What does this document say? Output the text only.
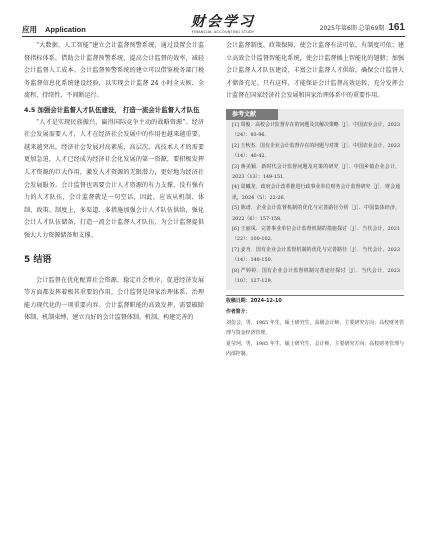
应用 Application	财会学习
FINANCIAL ACCOUNTING STUDY	2025年第6期 总第69期 161

“大数据、人工智能”建立会计监督预警系统，通过设置会计监督指标体系，借助会计监督预警系统，提高会计监督的效率，减轻会计监督人工成本。会计监督预警系统的建立可以借鉴税务部门税务监督信息化系统建设经验，以实现会计监督 24 小时全天候、全流程、持续性、不间断运行。

4.5 加强会计监督人才队伍建设， 打造一流会计监督人才队伍

“人才是实现民族振兴、赢得国际竞争主动的战略资源”。经济社会发展需要人才，人才在经济社会发展中的作用也越来越重要，越来越突出，经济社会发展对高素质、高层次、高技术人才的需要更加急迫，人才已经成为经济社会化发展的第一资源，要积极发挥人才资源的巨大作用，激发人才资源的无限潜力，更好地为经济社会发展服务。会计监督也需要会计人才资源的有力支撑，没有强有力的人才队伍，会计监督就是一句空话，因此，应该从机制、体制、政策、制度上，多渠道、多措施加强会计人才队伍供给，强化会计人才队伍储备，打造一流会计监督人才队伍，为会计监督提供强大人力资源储备和支撑。

5 结语

会计监督在优化配置社会资源，稳定社会秩序，促进经济发展等方面都发挥着极其重要的作用，会计监督是国家治理体系、治理能力现代化的一项重要内容。会计监督职能的高效发挥，需要破除体制、机制束缚，建立良好的会计监督体制、机制，构建完善的

会计监督制度、政策保障，使会计监督有法可依，有制度可依；建立高效会计监督智能化系统，使会计监督插上智能化的翅膀；加强会计监督人才队伍建设，丰富会计监督人才供给，确保会计监督人才储备充足。只有这样，才能保证会计监督高效运转，充分发挥会计监督在国家经济社会发展和国家治理体系中的重要作用。

参考文献
[1] 周俊．高校会计监督存在的问题及其解决策略［J］．中国农业会计，2023（24）：93-96．
[2] 王秋杰．国有企业会计监督存在的问题与对策［J］．中国农业会计，2023（14）：40-42．
[3] 蒋美颖．新时代会计监督问题及对策的研究［J］．中国乡镇企业会计，2023（13）：149-151．
[4] 周曦龙．政府会计改革推进行政事业单位财务会计监督研究［J］．财会通讯，2024（5）：22-26．
[5] 陈谱．企业会计监督机制的优化与完善路径分析［J］．中国集体经济，2022（6）：157-158．
[6] 王丽凤．完善事业单位会计监督机制的措施探讨［J］．当代会计，2021（22）：100-102．
[7] 姜舟．国有企业会计监督机制的优化与完善路径［J］．当代会计，2023（14）：148-150．
[8] 严婷婷．国有企业会计监督机制完善途径探讨［J］．当代会计，2023（10）：127-129．
收稿日期：2024-12-10
作者简介：
刘仿会，男，1965 年生，硕士研究生，高级会计师，主要研究方向：高校财务管理与资金经济管理。
夏莹珂，男，1985 年生，硕士研究生，会计师，主要研究方向：高校财务管理与内部控制。
